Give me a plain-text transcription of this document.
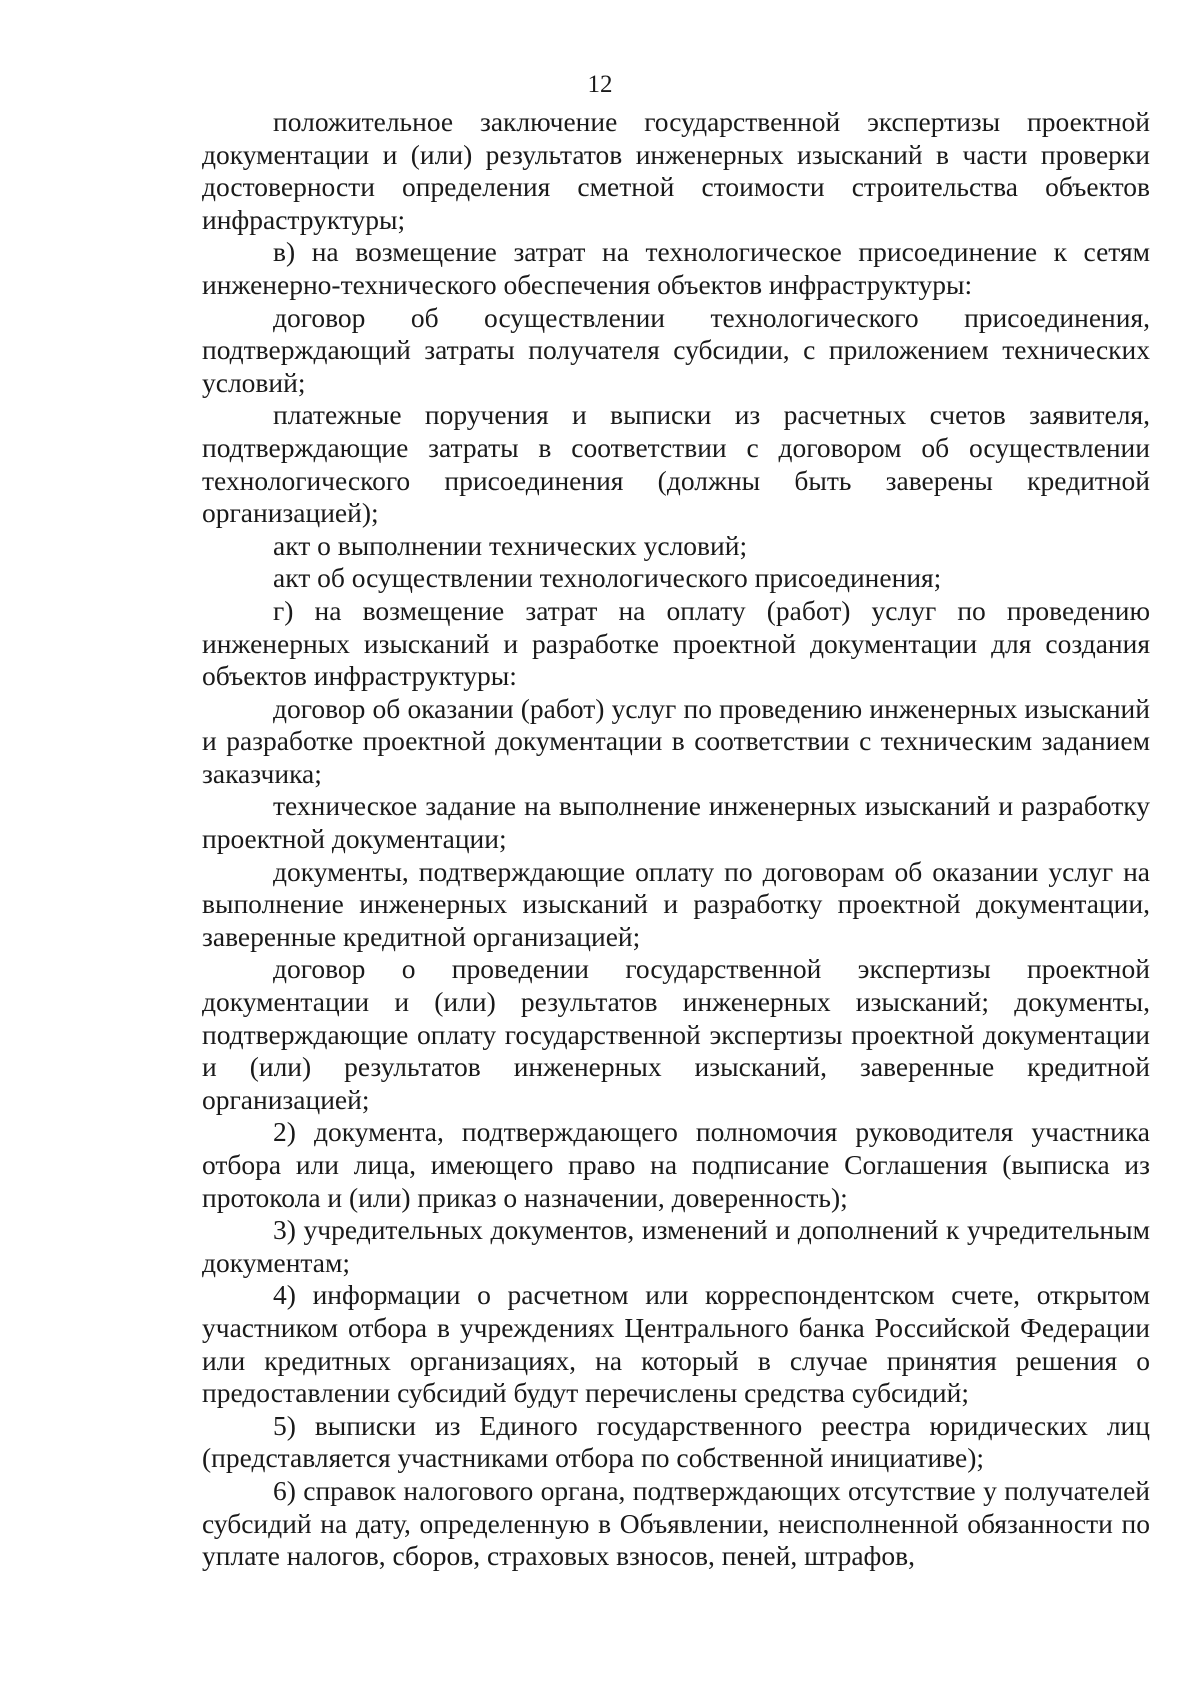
12

положительное заключение государственной экспертизы проектной документации и (или) результатов инженерных изысканий в части проверки достоверности определения сметной стоимости строительства объектов инфраструктуры;

в) на возмещение затрат на технологическое присоединение к сетям инженерно-технического обеспечения объектов инфраструктуры:

договор об осуществлении технологического присоединения, подтверждающий затраты получателя субсидии, с приложением технических условий;

платежные поручения и выписки из расчетных счетов заявителя, подтверждающие затраты в соответствии с договором об осуществлении технологического присоединения (должны быть заверены кредитной организацией);

акт о выполнении технических условий;

акт об осуществлении технологического присоединения;

г) на возмещение затрат на оплату (работ) услуг по проведению инженерных изысканий и разработке проектной документации для создания объектов инфраструктуры:

договор об оказании (работ) услуг по проведению инженерных изысканий и разработке проектной документации в соответствии с техническим заданием заказчика;

техническое задание на выполнение инженерных изысканий и разработку проектной документации;

документы, подтверждающие оплату по договорам об оказании услуг на выполнение инженерных изысканий и разработку проектной документации, заверенные кредитной организацией;

договор о проведении государственной экспертизы проектной документации и (или) результатов инженерных изысканий; документы, подтверждающие оплату государственной экспертизы проектной документации и (или) результатов инженерных изысканий, заверенные кредитной организацией;

2) документа, подтверждающего полномочия руководителя участника отбора или лица, имеющего право на подписание Соглашения (выписка из протокола и (или) приказ о назначении, доверенность);

3) учредительных документов, изменений и дополнений к учредительным документам;

4) информации о расчетном или корреспондентском счете, открытом участником отбора в учреждениях Центрального банка Российской Федерации или кредитных организациях, на который в случае принятия решения о предоставлении субсидий будут перечислены средства субсидий;

5) выписки из Единого государственного реестра юридических лиц (представляется участниками отбора по собственной инициативе);

6) справок налогового органа, подтверждающих отсутствие у получателей субсидий на дату, определенную в Объявлении, неисполненной обязанности по уплате налогов, сборов, страховых взносов, пеней, штрафов,
